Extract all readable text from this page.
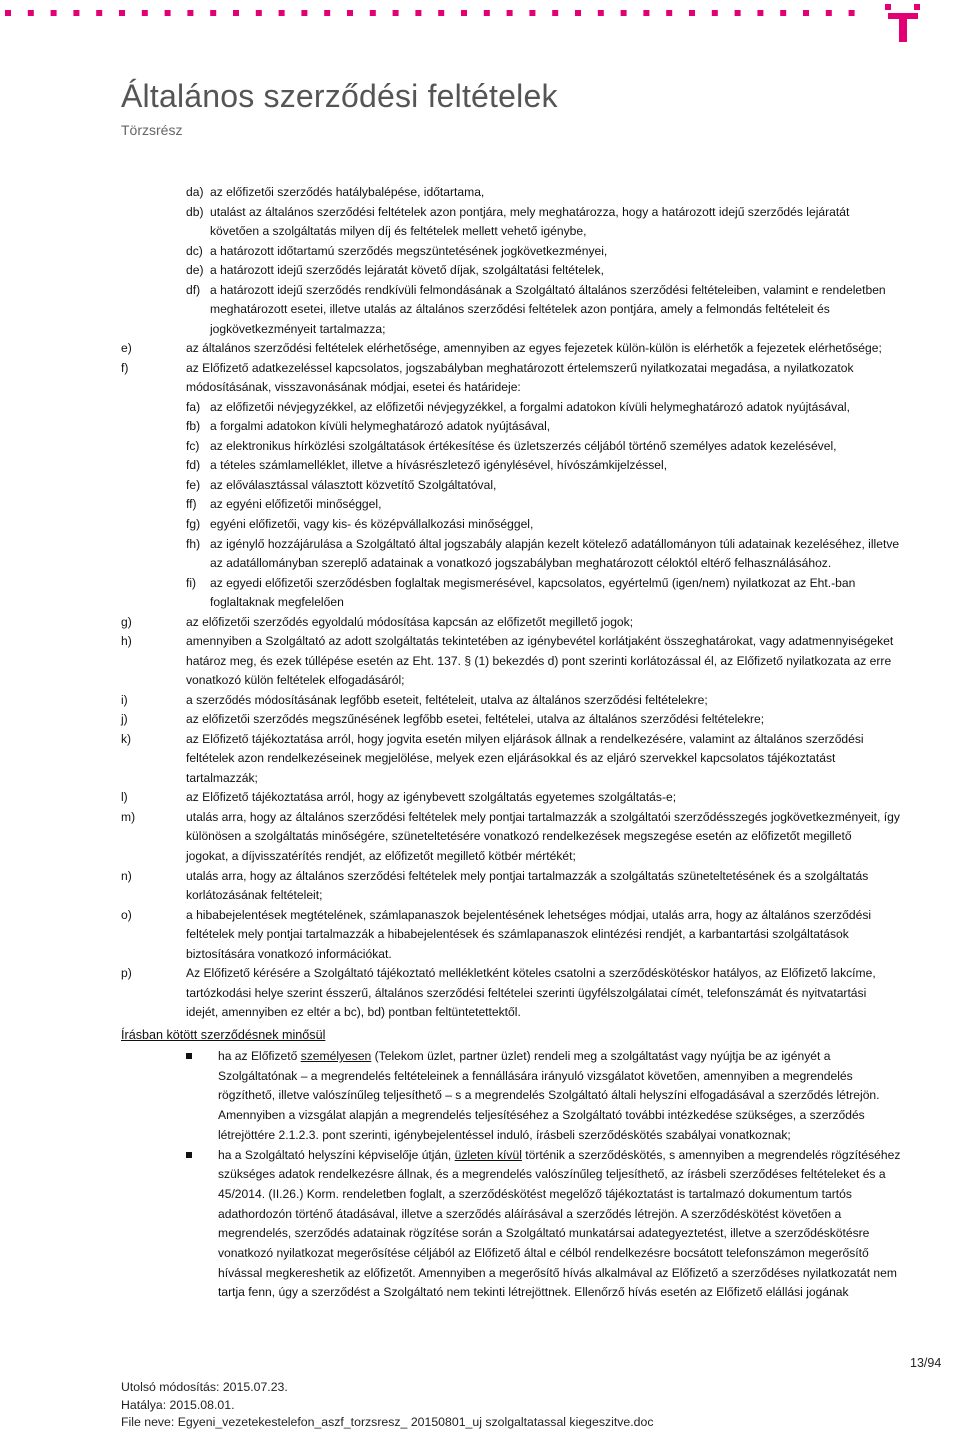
Általános szerződési feltételek
Törzsrész
da) az előfizetői szerződés hatálybalépése, időtartama,
db) utalást az általános szerződési feltételek azon pontjára, mely meghatározza, hogy a határozott idejű szerződés lejáratát
követően a szolgáltatás milyen díj és feltételek mellett vehető igénybe,
dc) a határozott időtartamú szerződés megszüntetésének jogkövetkezményei,
de) a határozott idejű szerződés lejáratát követő díjak, szolgáltatási feltételek,
df) a határozott idejű szerződés rendkívüli felmondásának a Szolgáltató általános szerződési feltételeiben, valamint e rendeletben
meghatározott esetei, illetve utalás az általános szerződési feltételek azon pontjára, amely a felmondás feltételeit és
jogkövetkezményeit tartalmazza;
e)	az általános szerződési feltételek elérhetősége, amennyiben az egyes fejezetek külön-külön is elérhetők a fejezetek elérhetősége;
f)	az Előfizető adatkezeléssel kapcsolatos, jogszabályban meghatározott értelemszerű nyilatkozatai megadása, a nyilatkozatok
módosításának, visszavonásának módjai, esetei és határideje:
fa) az előfizetői névjegyzékkel, az előfizetői névjegyzékkel, a forgalmi adatokon kívüli helymeghatározó adatok nyújtásával,
fb) a forgalmi adatokon kívüli helymeghatározó adatok nyújtásával,
fc) az elektronikus hírközlési szolgáltatások értékesítése és üzletszerzés céljából történő személyes adatok kezelésével,
fd) a tételes számlamelléklet, illetve a hívásrészletező igénylésével, hívószámkijelzéssel,
fe) az előválasztással választott közvetítő Szolgáltatóval,
ff) az egyéni előfizetői minőséggel,
fg) egyéni előfizetői, vagy kis- és középvállalkozási minőséggel,
fh) az igénylő hozzájárulása a Szolgáltató által jogszabály alapján kezelt kötelező adatállományon túli adatainak kezeléséhez, illetve
az adatállományban szereplő adatainak a vonatkozó jogszabályban meghatározott céloktól eltérő felhasználásához.
fi) az egyedi előfizetői szerződésben foglaltak megismerésével, kapcsolatos, egyértelmű (igen/nem) nyilatkozat az Eht.-ban
foglaltaknak megfelelően
g)	az előfizetői szerződés egyoldalú módosítása kapcsán az előfizetőt megillető jogok;
h)	amennyiben a Szolgáltató az adott szolgáltatás tekintetében az igénybevétel korlátjaként összeghatárokat, vagy adatmennyiségeket
határoz meg, és ezek túllépése esetén az Eht. 137. § (1) bekezdés d) pont szerinti korlátozással él, az Előfizető nyilatkozata az erre
vonatkozó külön feltételek elfogadásáról;
i)	a szerződés módosításának legfőbb eseteit, feltételeit, utalva az általános szerződési feltételekre;
j)	az előfizetői szerződés megszűnésének legfőbb esetei, feltételei, utalva az általános szerződési feltételekre;
k)	az Előfizető tájékoztatása arról, hogy jogvita esetén milyen eljárások állnak a rendelkezésére, valamint az általános szerződési
feltételek azon rendelkezéseinek megjelölése, melyek ezen eljárásokkal és az eljáró szervekkel kapcsolatos tájékoztatást
tartalmazzák;
l)	az Előfizető tájékoztatása arról, hogy az igénybevett szolgáltatás egyetemes szolgáltatás-e;
m)	utalás arra, hogy az általános szerződési feltételek mely pontjai tartalmazzák a szolgáltatói szerződésszegés jogkövetkezményeit, így
különösen a szolgáltatás minőségére, szüneteltetésére vonatkozó rendelkezések megszegése esetén az előfizetőt megillető
jogokat, a díjvisszatérítés rendjét, az előfizetőt megillető kötbér mértékét;
n)	utalás arra, hogy az általános szerződési feltételek mely pontjai tartalmazzák a szolgáltatás szüneteltetésének és a szolgáltatás
korlátozásának feltételeit;
o)	a hibabejelentések megtételének, számlapanaszok bejelentésének lehetséges módjai, utalás arra, hogy az általános szerződési
feltételek mely pontjai tartalmazzák a hibabejelentések és számlapanaszok elintézési rendjét, a karbantartási szolgáltatások
biztosítására vonatkozó információkat.
p)	Az Előfizető kérésére a Szolgáltató tájékoztató mellékletként köteles csatolni a szerződéskötéskor hatályos, az Előfizető lakcíme,
tartózkodási helye szerint ésszerű, általános szerződési feltételei szerinti ügyfélszolgálatai címét, telefonszámát és nyitvatartási
idejét, amennyiben ez eltér a bc), bd) pontban feltüntetettektől.
Írásban kötött szerződésnek minősül
ha az Előfizető személyesen (Telekom üzlet, partner üzlet) rendeli meg a szolgáltatást vagy nyújtja be az igényét a
Szolgáltatónak – a megrendelés feltételeinek a fennállására irányuló vizsgálatot követően, amennyiben a megrendelés
rögzíthető, illetve valószínűleg teljesíthető – s a megrendelés Szolgáltató általi helyszíni elfogadásával a szerződés létrejön.
Amennyiben a vizsgálat alapján a megrendelés teljesítéséhez a Szolgáltató további intézkedése szükséges, a szerződés
létrejöttére 2.1.2.3. pont szerinti, igénybejelentéssel induló, írásbeli szerződéskötés szabályai vonatkoznak;
ha a Szolgáltató helyszíni képviselője útján, üzleten kívül történik a szerződéskötés, s amennyiben a megrendelés rögzítéséhez
szükséges adatok rendelkezésre állnak, és a megrendelés valószínűleg teljesíthető, az írásbeli szerződéses feltételeket és a
45/2014. (II.26.) Korm. rendeletben foglalt, a szerződéskötést megelőző tájékoztatást is tartalmazó dokumentum tartós
adathordozón történő átadásával, illetve a szerződés aláírásával a szerződés létrejön. A szerződéskötést követően a
megrendelés, szerződés adatainak rögzítése során a Szolgáltató munkatársai adategyeztetést, illetve a szerződéskötésre
vonatkozó nyilatkozat megerősítése céljából az Előfizető által e célból rendelkezésre bocsátott telefonszámon megerősítő
hívással megkereshetik az előfizetőt. Amennyiben a megerősítő hívás alkalmával az Előfizető a szerződéses nyilatkozatát nem
tartja fenn, úgy a szerződést a Szolgáltató nem tekinti létrejöttnek. Ellenőrző hívás esetén az Előfizető elállási jogának
13/94
Utolsó módosítás: 2015.07.23.
Hatálya: 2015.08.01.
File neve: Egyeni_vezetekestelefon_aszf_torzsresz_ 20150801_uj szolgaltatassal kiegeszitve.doc
